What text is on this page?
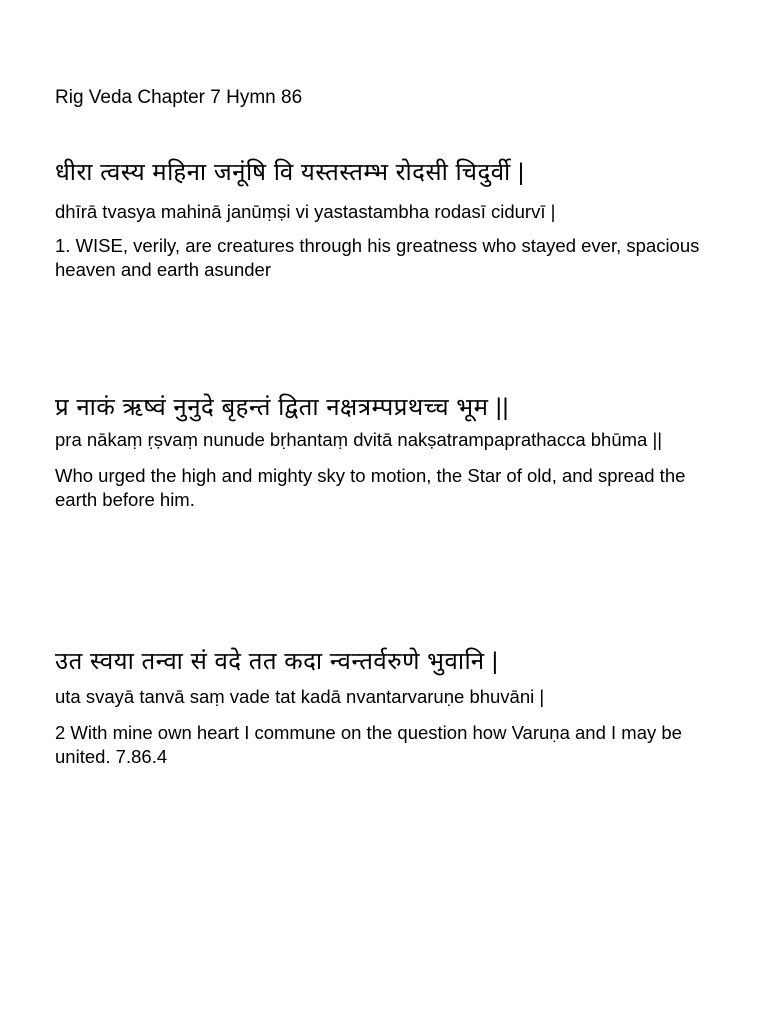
Rig Veda Chapter 7 Hymn 86

धीरा त्वस्य महिना जनूंषि वि यस्तस्तम्भ रोदसी चिदुर्वी |

dhīrā tvasya mahinā janūṃṣi vi yastastambha rodasī cidurvī |

1. WISE, verily, are creatures through his greatness who stayed ever, spacious heaven and earth asunder

प्र नाकं ऋष्वं नुनुदे बृहन्तं द्विता नक्षत्रम्पप्रथच्च भूम ||

pra nākaṃ ṛṣvaṃ nunude bṛhantaṃ dvitā nakṣatrampaprathacca bhūma ||

Who urged the high and mighty sky to motion, the Star of old, and spread the earth before him.

उत स्वया तन्वा सं वदे तत कदा न्वन्तर्वरुणे भुवानि |

uta svayā tanvā saṃ vade tat kadā nvantarvaruṇe bhuvāni |

2 With mine own heart I commune on the question how Varuṇa and I may be united. 7.86.4
